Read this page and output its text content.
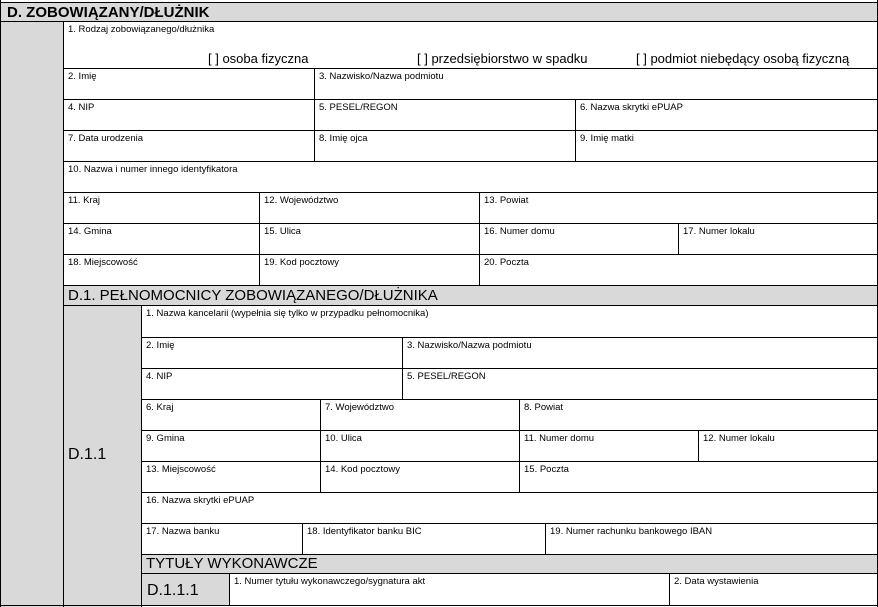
D. ZOBOWIĄZANY/DŁUŻNIK
1. Rodzaj zobowiązanego/dłużnika
[ ] osoba fizyczna	[ ] przedsiębiorstwo w spadku	[ ] podmiot niebędący osobą fizyczną
2. Imię	3. Nazwisko/Nazwa podmiotu
4. NIP	5. PESEL/REGON	6. Nazwa skrytki ePUAP
7. Data urodzenia	8. Imię ojca	9. Imię matki
10. Nazwa i numer innego identyfikatora
11. Kraj	12. Województwo	13. Powiat
14. Gmina	15. Ulica	16. Numer domu	17. Numer lokalu
18. Miejscowość	19. Kod pocztowy	20. Poczta
D.1. PEŁNOMOCNICY ZOBOWIĄZANEGO/DŁUŻNIKA
D.1.1
1. Nazwa kancelarii (wypełnia się tylko w przypadku pełnomocnika)
2. Imię	3. Nazwisko/Nazwa podmiotu
4. NIP	5. PESEL/REGON
6. Kraj	7. Województwo	8. Powiat
9. Gmina	10. Ulica	11. Numer domu	12. Numer lokalu
13. Miejscowość	14. Kod pocztowy	15. Poczta
16. Nazwa skrytki ePUAP
17. Nazwa banku	18. Identyfikator banku BIC	19. Numer rachunku bankowego IBAN
TYTUŁY WYKONAWCZE
D.1.1.1
1. Numer tytułu wykonawczego/sygnatura akt	2. Data wystawienia
